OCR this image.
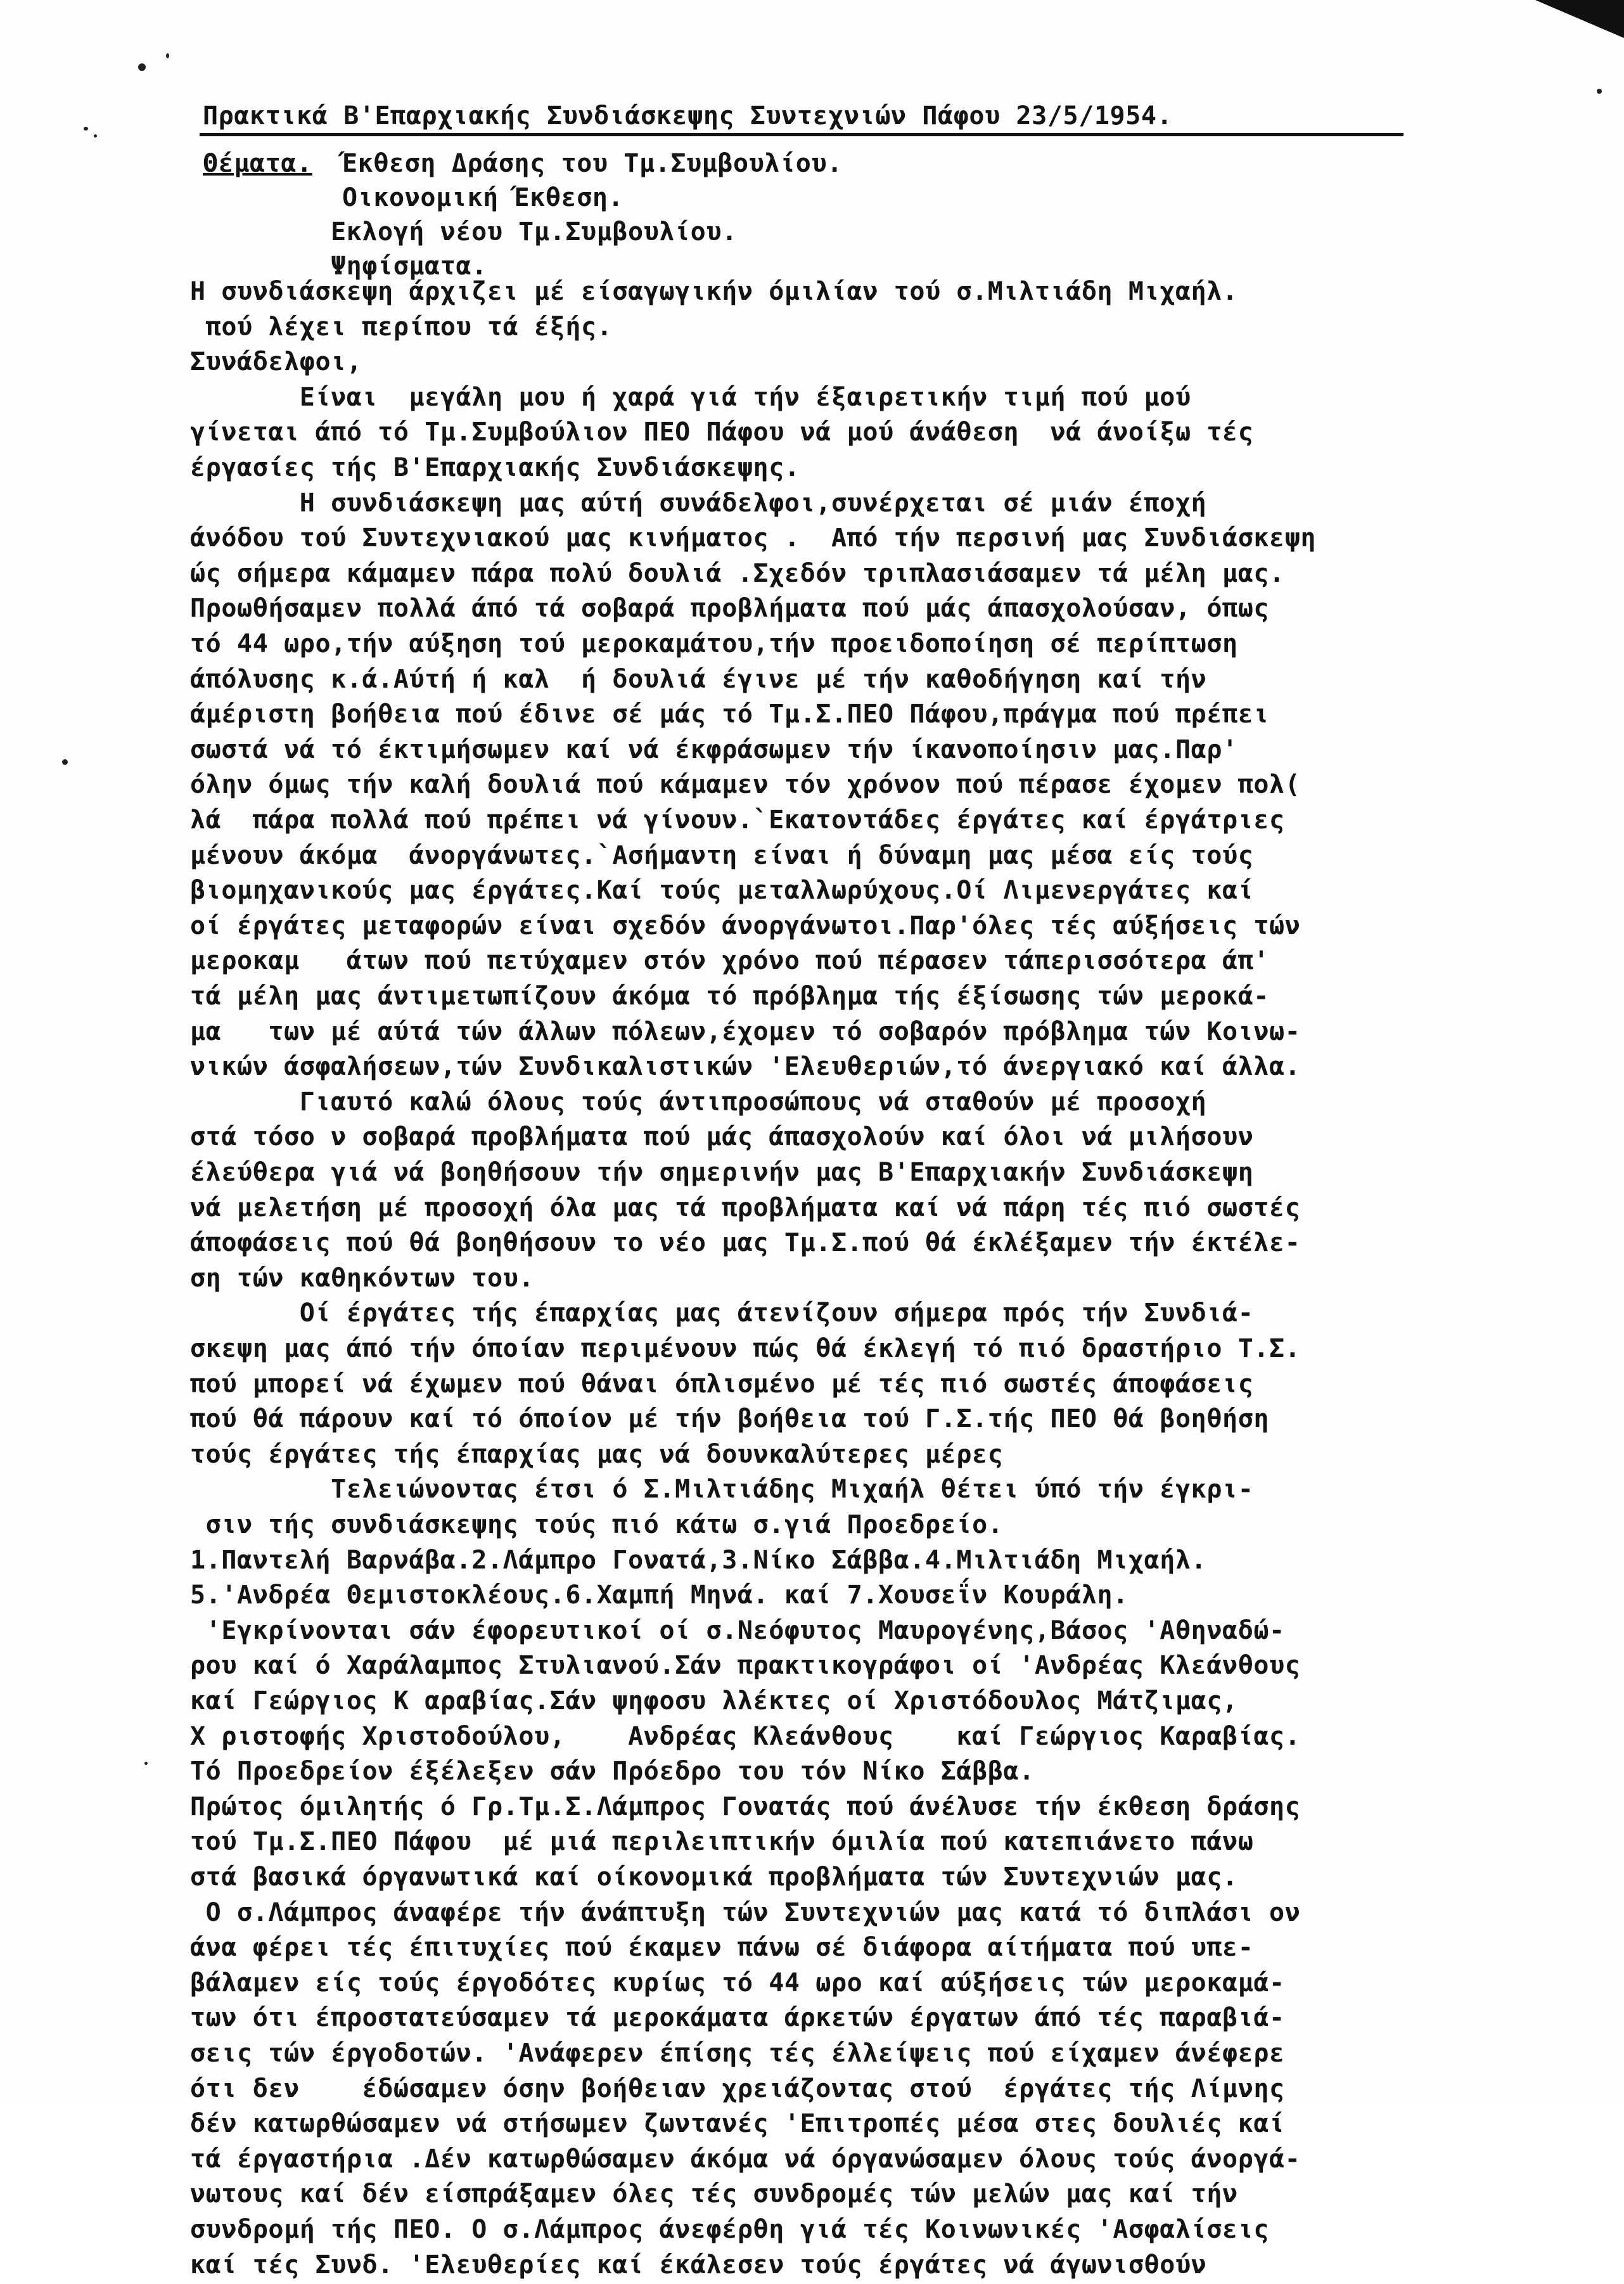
Πρακτικά Β'Επαρχιακής Συνδιάσκεψης Συντεχνιών Πάφου 23/5/1954.
Θέματα. Έκθεση Δράσης του Τμ.Συμβουλίου.
Οικονομική Έκθεση.
Εκλογή νέου Τμ.Συμβουλίου.
Ψηφίσματα.
Η συνδιάσκεψη άρχιζει μέ είσαγωγικήν όμιλίαν τού σ.Μιλτιάδη Μιχαήλ.
πού λέχει περίπου τά έξής.
Συνάδελφοι,
Είναι  μεγάλη μου ή χαρά γιά τήν έξαιρετικήν τιμή πού μού
γίνεται άπό τό Τμ.Συμβούλιον ΠΕΟ Πάφου νά μού άνάθεση  νά άνοίξω τές
έργασίες τής Β'Επαρχιακής Συνδιάσκεψης.
Η συνδιάσκεψη μας αύτή συνάδελφοι,συνέρχεται σέ μιάν έποχή
άνόδου τού Συντεχνιακού μας κινήματος .  Από τήν περσινή μας Συνδιάσκεψη
ώς σήμερα κάμαμεν πάρα πολύ δουλιά .Σχεδόν τριπλασιάσαμεν τά μέλη μας.
Προωθήσαμεν πολλά άπό τά σοβαρά προβλήματα πού μάς άπασχολούσαν, όπως
τό 44 ωρο,τήν αύξηση τού μεροκαμάτου,τήν προειδοποίηση σέ περίπτωση
άπόλυσης κ.ά.Αύτή ή καλ  ή δουλιά έγινε μέ τήν καθοδήγηση καί τήν
άμέριστη βοήθεια πού έδινε σέ μάς τό Τμ.Σ.ΠΕΟ Πάφου,πράγμα πού πρέπει
σωστά νά τό έκτιμήσωμεν καί νά έκφράσωμεν τήν ίκανοποίησιν μας.Παρ'
όλην όμως τήν καλή δουλιά πού κάμαμεν τόν χρόνον πού πέρασε έχομεν πολ(
λά  πάρα πολλά πού πρέπει νά γίνουν.`Εκατοντάδες έργάτες καί έργάτριες
μένουν άκόμα  άνοργάνωτες.`Ασήμαντη είναι ή δύναμη μας μέσα είς τούς
βιομηχανικούς μας έργάτες.Καί τούς μεταλλωρύχους.Οί Λιμενεργάτες καί
οί έργάτες μεταφορών είναι σχεδόν άνοργάνωτοι.Παρ'όλες τές αύξήσεις τών
μεροκαμ   άτων πού πετύχαμεν στόν χρόνο πού πέρασεν τάπερισσότερα άπ'
τά μέλη μας άντιμετωπίζουν άκόμα τό πρόβλημα τής έξίσωσης τών μεροκά-
μα   των μέ αύτά τών άλλων πόλεων,έχομεν τό σοβαρόν πρόβλημα τών Κοινω-
νικών άσφαλήσεων,τών Συνδικαλιστικών 'Ελευθεριών,τό άνεργιακό καί άλλα.
Γιαυτό καλώ όλους τούς άντιπροσώπους νά σταθούν μέ προσοχή
στά τόσο ν σοβαρά προβλήματα πού μάς άπασχολούν καί όλοι νά μιλήσουν
έλεύθερα γιά νά βοηθήσουν τήν σημερινήν μας Β'Επαρχιακήν Συνδιάσκεψη
νά μελετήση μέ προσοχή όλα μας τά προβλήματα καί νά πάρη τές πιό σωστές
άποφάσεις πού θά βοηθήσουν το νέο μας Τμ.Σ.πού θά έκλέξαμεν τήν έκτέλε-
ση τών καθηκόντων του.
Οί έργάτες τής έπαρχίας μας άτενίζουν σήμερα πρός τήν Συνδιά-
σκεψη μας άπό τήν όποίαν περιμένουν πώς θά έκλεγή τό πιό δραστήριο Τ.Σ.
πού μπορεί νά έχωμεν πού θάναι όπλισμένο μέ τές πιό σωστές άποφάσεις
πού θά πάρουν καί τό όποίον μέ τήν βοήθεια τού Γ.Σ.τής ΠΕΟ θά βοηθήση
τούς έργάτες τής έπαρχίας μας νά δουνκαλύτερες μέρες
Τελειώνοντας έτσι ό Σ.Μιλτιάδης Μιχαήλ θέτει ύπό τήν έγκρι-
σιν τής συνδιάσκεψης τούς πιό κάτω σ.γιά Προεδρείο.
1.Παντελή Βαρνάβα.2.Λάμπρο Γονατά,3.Νίκο Σάββα.4.Μιλτιάδη Μιχαήλ.
5.'Ανδρέα Θεμιστοκλέους.6.Χαμπή Μηνά. καί 7.Χουσεΐν Κουράλη.
'Εγκρίνονται σάν έφορευτικοί οί σ.Νεόφυτος Μαυρογένης,Βάσος 'Αθηναδώ-
ρου καί ό Χαράλαμπος Στυλιανού.Σάν πρακτικογράφοι οί 'Ανδρέας Κλεάνθους
καί Γεώργιος Κ αραβίας.Σάν ψηφοσυ λλέκτες οί Χριστόδουλος Μάτζιμας,
Χ ριστοφής Χριστοδούλου,    Ανδρέας Κλεάνθους    καί Γεώργιος Καραβίας.
Τό Προεδρείον έξέλεξεν σάν Πρόεδρο του τόν Νίκο Σάββα.
Πρώτος όμιλητής ό Γρ.Τμ.Σ.Λάμπρος Γονατάς πού άνέλυσε τήν έκθεση δράσης
τού Τμ.Σ.ΠΕΟ Πάφου  μέ μιά περιλειπτικήν όμιλία πού κατεπιάνετο πάνω
στά βασικά όργανωτικά καί οίκονομικά προβλήματα τών Συντεχνιών μας.
Ο σ.Λάμπρος άναφέρε τήν άνάπτυξη τών Συντεχνιών μας κατά τό διπλάσι ον
άνα φέρει τές έπιτυχίες πού έκαμεν πάνω σέ διάφορα αίτήματα πού υπε-
βάλαμεν είς τούς έργοδότες κυρίως τό 44 ωρο καί αύξήσεις τών μεροκαμά-
των ότι έπροστατεύσαμεν τά μεροκάματα άρκετών έργατων άπό τές παραβιά-
σεις τών έργοδοτών. 'Ανάφερεν έπίσης τές έλλείψεις πού είχαμεν άνέφερε
ότι δεν    έδώσαμεν όσην βοήθειαν χρειάζοντας στού  έργάτες τής Λίμνης
δέν κατωρθώσαμεν νά στήσωμεν ζωντανές 'Επιτροπές μέσα στες δουλιές καί
τά έργαστήρια .Δέν κατωρθώσαμεν άκόμα νά όργανώσαμεν όλους τούς άνοργά-
νωτους καί δέν είσπράξαμεν όλες τές συνδρομές τών μελών μας καί τήν
συνδρομή τής ΠΕΟ. Ο σ.Λάμπρος άνεφέρθη γιά τές Κοινωνικές 'Ασφαλίσεις
καί τές Συνδ. 'Ελευθερίες καί έκάλεσεν τούς έργάτες νά άγωνισθούν
